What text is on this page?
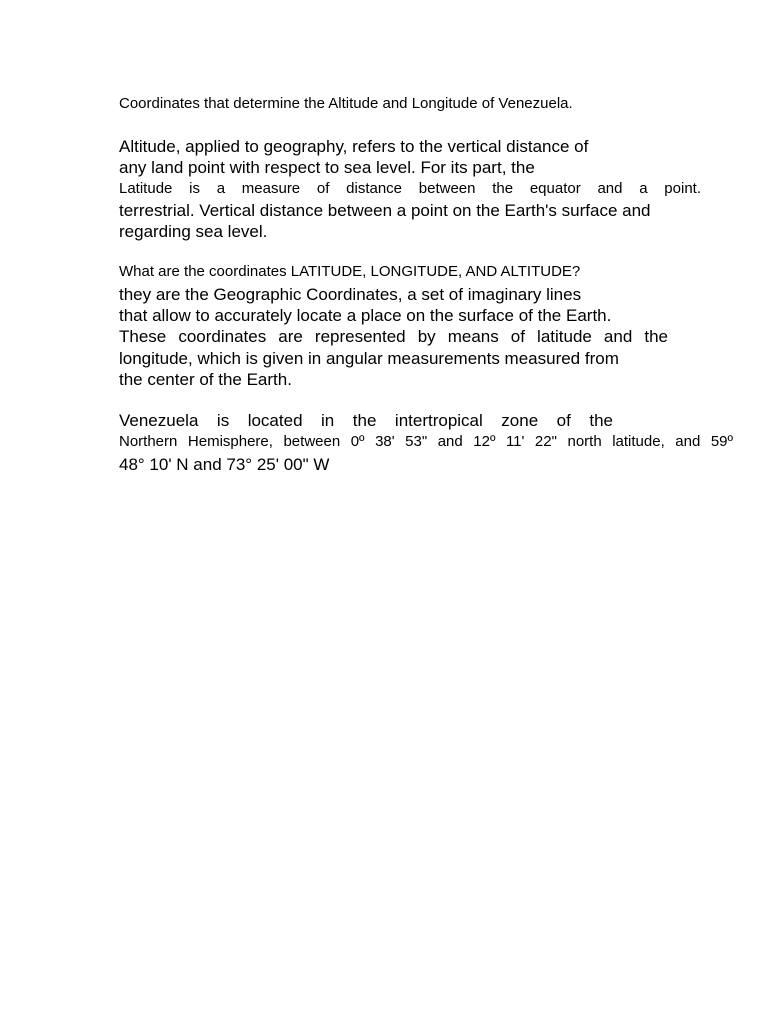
Coordinates that determine the Altitude and Longitude of Venezuela.
Altitude, applied to geography, refers to the vertical distance of
any land point with respect to sea level. For its part, the
Latitude is a measure of distance between the equator and a point.
terrestrial. Vertical distance between a point on the Earth's surface and
regarding sea level.
What are the coordinates LATITUDE, LONGITUDE, AND ALTITUDE?
they are the Geographic Coordinates, a set of imaginary lines
that allow to accurately locate a place on the surface of the Earth.
These coordinates are represented by means of latitude and the
longitude, which is given in angular measurements measured from
the center of the Earth.
Venezuela is located in the intertropical zone of the
Northern Hemisphere, between 0º 38' 53" and 12º 11' 22" north latitude, and 59º
48° 10' N and 73° 25' 00" W
